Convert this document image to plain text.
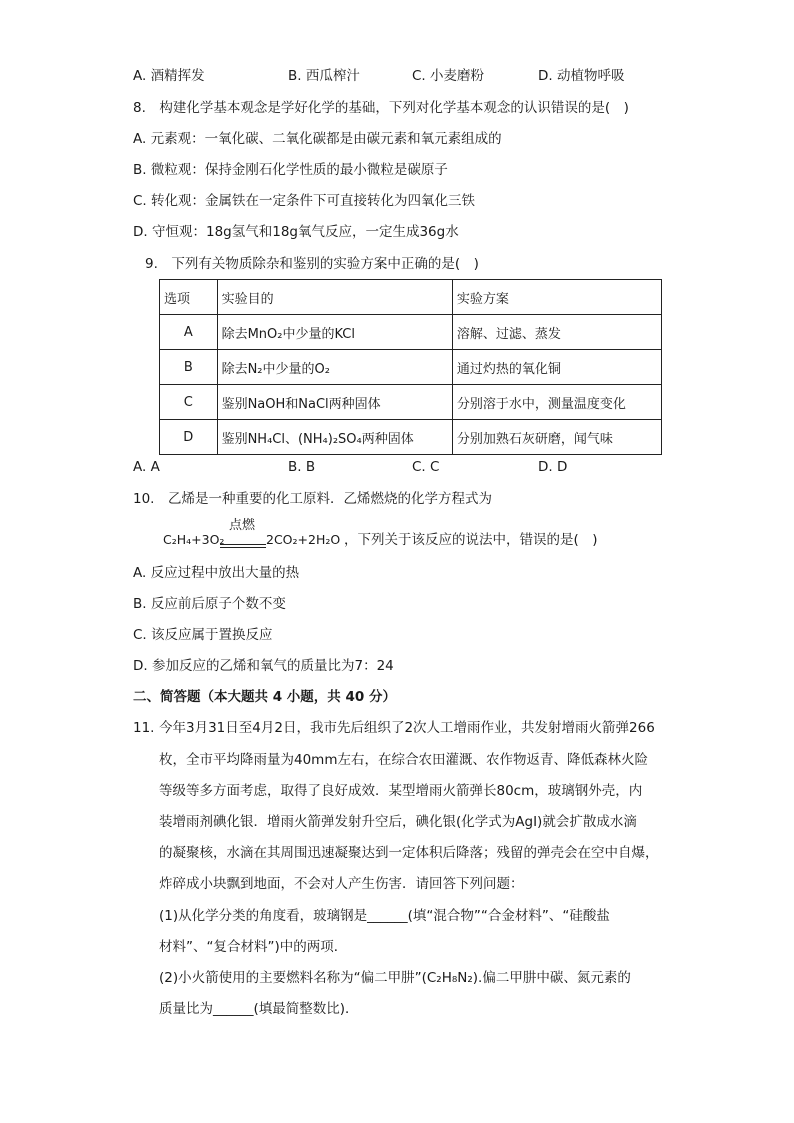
A. 酒精挥发	B. 西瓜榨汁	C. 小麦磨粉	D. 动植物呼吸
8.　构建化学基本观念是学好化学的基础，下列对化学基本观念的认识错误的是(　)
A. 元素观：一氧化碳、二氧化碳都是由碳元素和氧元素组成的
B. 微粒观：保持金刚石化学性质的最小微粒是碳原子
C. 转化观：金属铁在一定条件下可直接转化为四氧化三铁
D. 守恒观：18g氢气和18g氧气反应，一定生成36g水
9.　下列有关物质除杂和鉴别的实验方案中正确的是(　)
选项	实验目的	实验方案
A	除去MnO₂中少量的KCl	溶解、过滤、蒸发
B	除去N₂中少量的O₂	通过灼热的氧化铜
C	鉴别NaOH和NaCl两种固体	分别溶于水中，测量温度变化
D	鉴别NH₄Cl、(NH₄)₂SO₄两种固体	分别加熟石灰研磨，闻气味
A. A	B. B	C. C	D. D
10.　乙烯是一种重要的化工原料．乙烯燃烧的化学方程式为
C₂H₄+3O₂
点燃
2CO₂+2H₂O ，下列关于该反应的说法中，错误的是(　)
A. 反应过程中放出大量的热
B. 反应前后原子个数不变
C. 该反应属于置换反应
D. 参加反应的乙烯和氧气的质量比为7：24
二、简答题（本大题共 4 小题，共 40 分）
11. 今年3月31日至4月2日，我市先后组织了2次人工增雨作业，共发射增雨火箭弹266
枚，全市平均降雨量为40mm左右，在综合农田灌溉、农作物返青、降低森林火险
等级等多方面考虑，取得了良好成效．某型增雨火箭弹长80cm，玻璃钢外壳，内
装增雨剂碘化银．增雨火箭弹发射升空后，碘化银(化学式为AgI)就会扩散成水滴
的凝聚核，水滴在其周围迅速凝聚达到一定体积后降落；残留的弹壳会在空中自爆，
炸碎成小块飘到地面，不会对人产生伤害．请回答下列问题：
(1)从化学分类的角度看，玻璃钢是______(填“混合物”“合金材料”、“硅酸盐
材料”、“复合材料”)中的两项．
(2)小火箭使用的主要燃料名称为“偏二甲肼”(C₂H₈N₂).偏二甲肼中碳、氮元素的
质量比为______(填最简整数比)．
